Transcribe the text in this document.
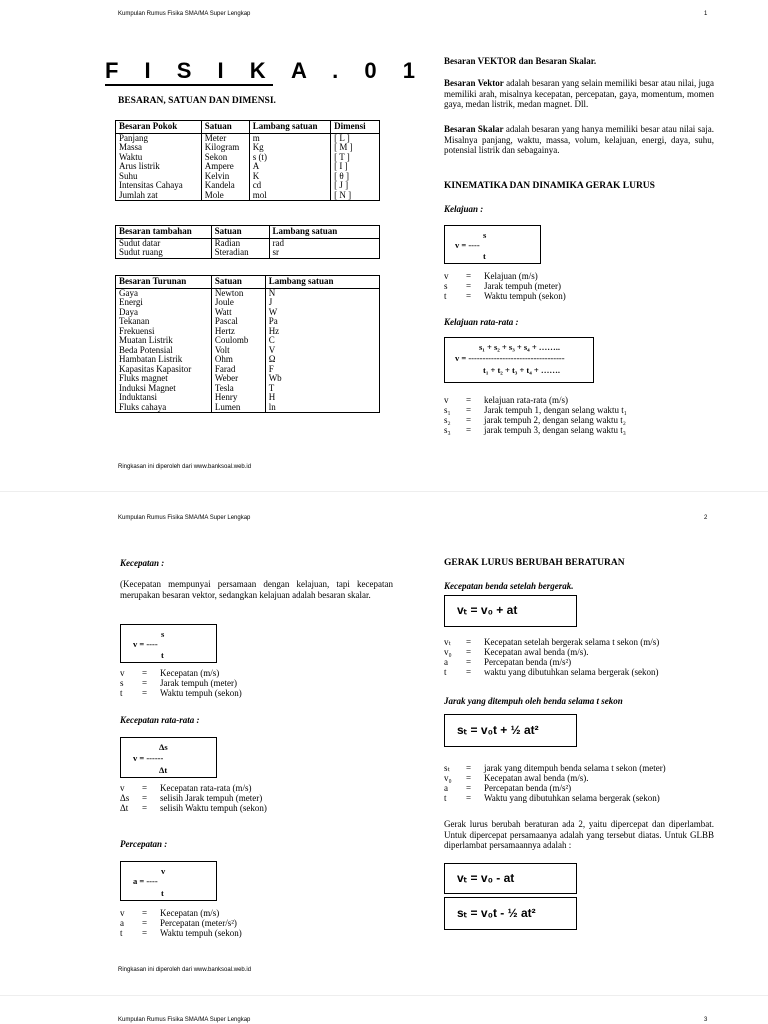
Kumpulan Rumus Fisika SMA/MA Super Lengkap	1
F I S I K A . 0 1
BESARAN, SATUAN DAN DIMENSI.
Besaran Pokok	Satuan	Lambang satuan	Dimensi
Panjang	Meter	m	[ L ]
Massa	Kilogram	Kg	[ M ]
Waktu	Sekon	s (t)	[ T ]
Arus listrik	Ampere	A	[ I ]
Suhu	Kelvin	K	[ θ ]
Intensitas Cahaya	Kandela	cd	[ J ]
Jumlah zat	Mole	mol	[ N ]
Besaran tambahan	Satuan	Lambang satuan
Sudut datar	Radian	rad
Sudut ruang	Steradian	sr
Besaran Turunan	Satuan	Lambang satuan
Gaya	Newton	N
Energi	Joule	J
Daya	Watt	W
Tekanan	Pascal	Pa
Frekuensi	Hertz	Hz
Muatan Listrik	Coulomb	C
Beda Potensial	Volt	V
Hambatan Listrik	Ohm	Ω
Kapasitas Kapasitor	Farad	F
Fluks magnet	Weber	Wb
Induksi Magnet	Tesla	T
Induktansi	Henry	H
Fluks cahaya	Lumen	ln
Ringkasan ini diperoleh dari www.banksoal.web.id
Besaran VEKTOR dan Besaran Skalar.
Besaran Vektor adalah besaran yang selain memiliki besar atau nilai, juga memiliki arah, misalnya kecepatan, percepatan, gaya, momentum, momen gaya, medan listrik, medan magnet. Dll.
Besaran Skalar adalah besaran yang hanya memiliki besar atau nilai saja. Misalnya panjang, waktu, massa, volum, kelajuan, energi, daya, suhu, potensial listrik dan sebagainya.
KINEMATIKA DAN DINAMIKA GERAK LURUS
Kelajuan :
s
v = ----
t
v = Kelajuan (m/s)
s = Jarak tempuh (meter)
t = Waktu tempuh (sekon)
Kelajuan rata-rata :
s₁ + s₂ + s₃ + s₄ + ……..
v = ----------------------------------
t₁ + t₂ + t₃ + t₄ + …….
v = kelajuan rata-rata (m/s)
s₁ = Jarak tempuh 1, dengan selang waktu t₁
s₂ = jarak tempuh 2, dengan selang waktu t₂
s₃ = jarak tempuh 3, dengan selang waktu t₃
Kumpulan Rumus Fisika SMA/MA Super Lengkap	2
Kecepatan :
(Kecepatan mempunyai persamaan dengan kelajuan, tapi kecepatan merupakan besaran vektor, sedangkan kelajuan adalah besaran skalar.
s
v = ----
t
v = Kecepatan (m/s)
s = Jarak tempuh (meter)
t = Waktu tempuh (sekon)
Kecepatan rata-rata :
Δs
v = ------
Δt
v = Kecepatan rata-rata (m/s)
Δs = selisih Jarak tempuh (meter)
Δt = selisih Waktu tempuh (sekon)
Percepatan :
v
a = ----
t
v = Kecepatan (m/s)
a = Percepatan (meter/s²)
t = Waktu tempuh (sekon)
GERAK LURUS BERUBAH BERATURAN
Kecepatan benda setelah bergerak.
vₜ = v₀ + at
vₜ = Kecepatan setelah bergerak selama t sekon (m/s)
v₀ = Kecepatan awal benda (m/s).
a = Percepatan benda (m/s²)
t = waktu yang dibutuhkan selama bergerak (sekon)
Jarak yang ditempuh oleh benda selama t sekon
sₜ = v₀t + ½ at²
sₜ = jarak yang ditempuh benda selama t sekon (meter)
v₀ = Kecepatan awal benda (m/s).
a = Percepatan benda (m/s²)
t = Waktu yang dibutuhkan selama bergerak (sekon)
Gerak lurus berubah beraturan ada 2, yaitu dipercepat dan diperlambat. Untuk dipercepat persamaanya adalah yang tersebut diatas. Untuk GLBB diperlambat persamaannya adalah :
vₜ = v₀ - at
sₜ = v₀t - ½ at²
Ringkasan ini diperoleh dari www.banksoal.web.id
Kumpulan Rumus Fisika SMA/MA Super Lengkap	3
